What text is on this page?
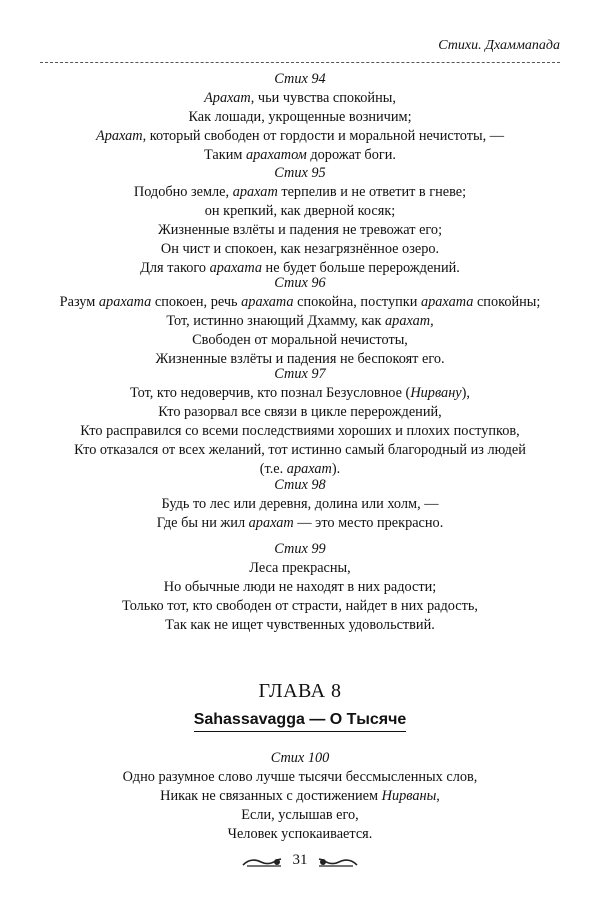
Стихи. Дхаммапада
Стих 94
Арахат, чьи чувства спокойны,
Как лошади, укрощенные возничим;
Арахат, который свободен от гордости и моральной нечистоты, —
Таким арахатом дорожат боги.
Стих 95
Подобно земле, арахат терпелив и не ответит в гневе;
он крепкий, как дверной косяк;
Жизненные взлёты и падения не тревожат его;
Он чист и спокоен, как незагрязнённое озеро.
Для такого арахата не будет больше перерождений.
Стих 96
Разум арахата спокоен, речь арахата спокойна, поступки арахата спокойны;
Тот, истинно знающий Дхамму, как арахат,
Свободен от моральной нечистоты,
Жизненные взлёты и падения не беспокоят его.
Стих 97
Тот, кто недоверчив, кто познал Безусловное (Нирвану),
Кто разорвал все связи в цикле перерождений,
Кто расправился со всеми последствиями хороших и плохих поступков,
Кто отказался от всех желаний, тот истинно самый благородный из людей
(т.е. арахат).
Стих 98
Будь то лес или деревня, долина или холм, —
Где бы ни жил арахат — это место прекрасно.
Стих 99
Леса прекрасны,
Но обычные люди не находят в них радости;
Только тот, кто свободен от страсти, найдет в них радость,
Так как не ищет чувственных удовольствий.
ГЛАВА 8
Sahassavagga — О Тысяче
Стих 100
Одно разумное слово лучше тысячи бессмысленных слов,
Никак не связанных с достижением Нирваны,
Если, услышав его,
Человек успокаивается.
31
